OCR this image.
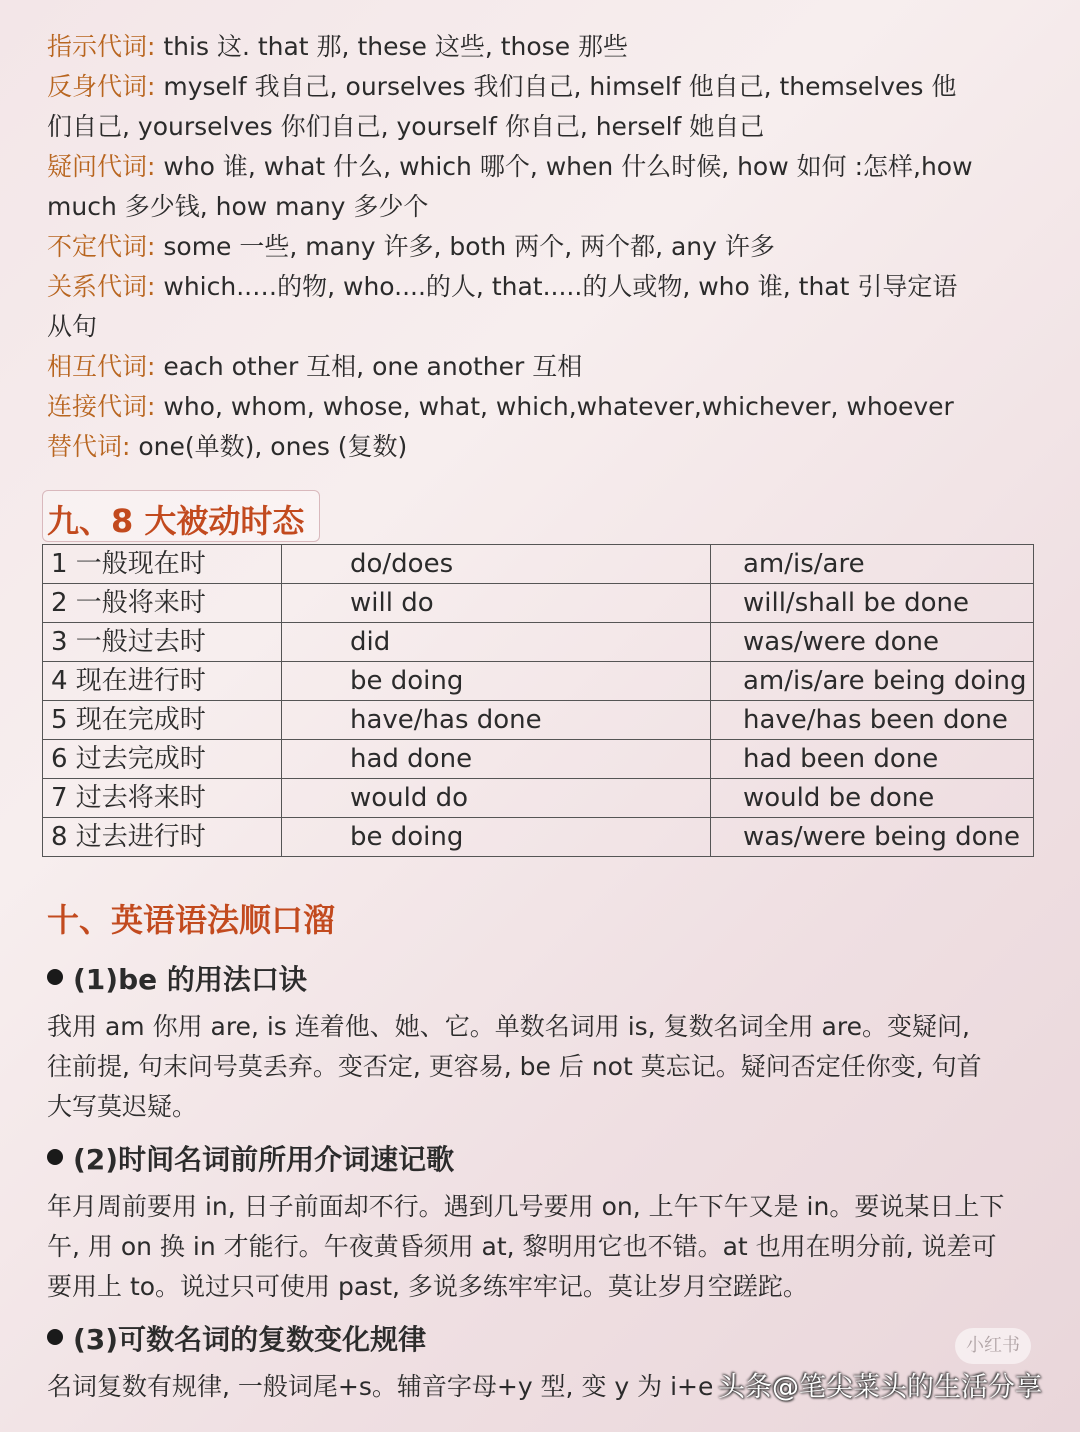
指示代词: this 这. that 那, these 这些, those 那些
反身代词: myself 我自己, ourselves 我们自己, himself 他自己, themselves 他
们自己, yourselves 你们自己, yourself 你自己, herself 她自己
疑问代词: who 谁, what 什么, which 哪个, when 什么时候, how 如何 :怎样,how
much 多少钱, how many 多少个
不定代词: some 一些, many 许多, both 两个, 两个都, any 许多
关系代词: which..…的物, who....的人, that.....的人或物, who 谁, that 引导定语
从句
相互代词: each other 互相, one another 互相
连接代词: who, whom, whose, what, which,whatever,whichever, whoever
替代词: one(单数), ones (复数)
九、8 大被动时态
1 一般现在时	do/does	am/is/are
2 一般将来时	will do	will/shall be done
3 一般过去时	did	was/were done
4 现在进行时	be doing	am/is/are being doing
5 现在完成时	have/has done	have/has been done
6 过去完成时	had done	had been done
7 过去将来时	would do	would be done
8 过去进行时	be doing	was/were being done
十、英语语法顺口溜
(1)be 的用法口诀
我用 am 你用 are, is 连着他、她、它。单数名词用 is, 复数名词全用 are。变疑问,
往前提, 句末问号莫丢弃。变否定, 更容易, be 后 not 莫忘记。疑问否定任你变, 句首
大写莫迟疑。
(2)时间名词前所用介词速记歌
年月周前要用 in, 日子前面却不行。遇到几号要用 on, 上午下午又是 in。要说某日上下
午, 用 on 换 in 才能行。午夜黄昏须用 at, 黎明用它也不错。at 也用在明分前, 说差可
要用上 to。说过只可使用 past, 多说多练牢牢记。莫让岁月空蹉跎。
(3)可数名词的复数变化规律
名词复数有规律, 一般词尾+s。辅音字母+y 型, 变 y 为 i+e
小红书
头条@笔尖菜头的生活分享
